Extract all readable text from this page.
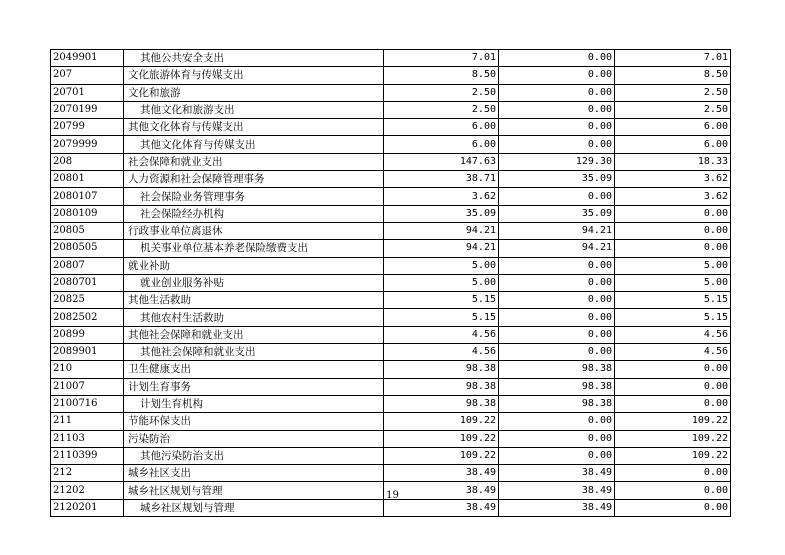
2049901	其他公共安全支出	7.01	0.00	7.01
207	文化旅游体育与传媒支出	8.50	0.00	8.50
20701	文化和旅游	2.50	0.00	2.50
2070199	其他文化和旅游支出	2.50	0.00	2.50
20799	其他文化体育与传媒支出	6.00	0.00	6.00
2079999	其他文化体育与传媒支出	6.00	0.00	6.00
208	社会保障和就业支出	147.63	129.30	18.33
20801	人力资源和社会保障管理事务	38.71	35.09	3.62
2080107	社会保险业务管理事务	3.62	0.00	3.62
2080109	社会保险经办机构	35.09	35.09	0.00
20805	行政事业单位离退休	94.21	94.21	0.00
2080505	机关事业单位基本养老保险缴费支出	94.21	94.21	0.00
20807	就业补助	5.00	0.00	5.00
2080701	就业创业服务补贴	5.00	0.00	5.00
20825	其他生活救助	5.15	0.00	5.15
2082502	其他农村生活救助	5.15	0.00	5.15
20899	其他社会保障和就业支出	4.56	0.00	4.56
2089901	其他社会保障和就业支出	4.56	0.00	4.56
210	卫生健康支出	98.38	98.38	0.00
21007	计划生育事务	98.38	98.38	0.00
2100716	计划生育机构	98.38	98.38	0.00
211	节能环保支出	109.22	0.00	109.22
21103	污染防治	109.22	0.00	109.22
2110399	其他污染防治支出	109.22	0.00	109.22
212	城乡社区支出	38.49	38.49	0.00
21202	城乡社区规划与管理	38.49	38.49	0.00
2120201	城乡社区规划与管理	38.49	38.49	0.00
19
